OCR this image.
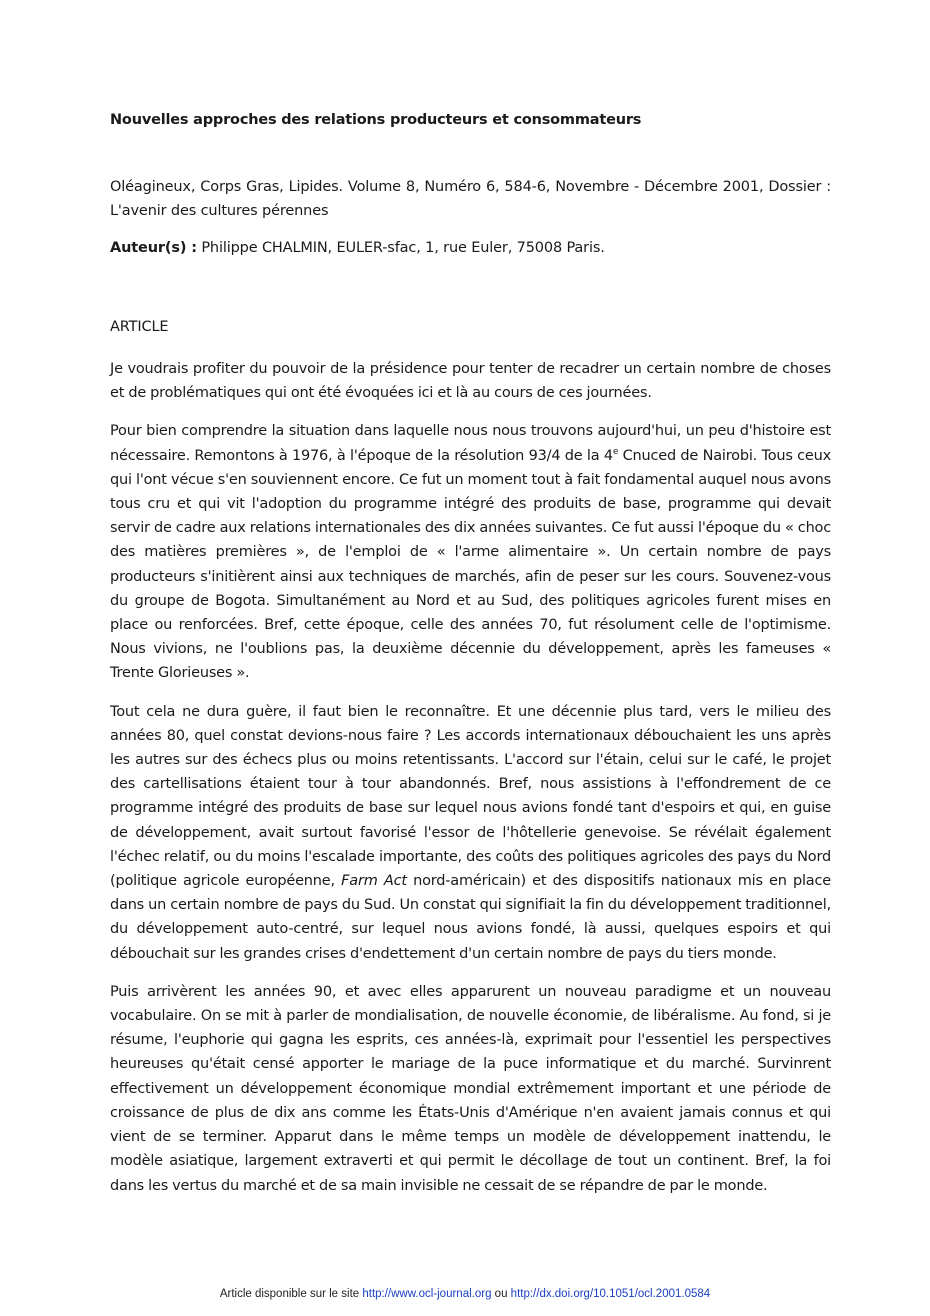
Nouvelles approches des relations producteurs et consommateurs
Oléagineux, Corps Gras, Lipides. Volume 8, Numéro 6, 584-6, Novembre - Décembre 2001, Dossier : L'avenir des cultures pérennes
Auteur(s) : Philippe CHALMIN, EULER-sfac, 1, rue Euler, 75008 Paris.
ARTICLE

Je voudrais profiter du pouvoir de la présidence pour tenter de recadrer un certain nombre de choses et de problématiques qui ont été évoquées ici et là au cours de ces journées.

Pour bien comprendre la situation dans laquelle nous nous trouvons aujourd'hui, un peu d'histoire est nécessaire. Remontons à 1976, à l'époque de la résolution 93/4 de la 4e Cnuced de Nairobi. Tous ceux qui l'ont vécue s'en souviennent encore. Ce fut un moment tout à fait fondamental auquel nous avons tous cru et qui vit l'adoption du programme intégré des produits de base, programme qui devait servir de cadre aux relations internationales des dix années suivantes. Ce fut aussi l'époque du « choc des matières premières », de l'emploi de « l'arme alimentaire ». Un certain nombre de pays producteurs s'initièrent ainsi aux techniques de marchés, afin de peser sur les cours. Souvenez-vous du groupe de Bogota. Simultanément au Nord et au Sud, des politiques agricoles furent mises en place ou renforcées. Bref, cette époque, celle des années 70, fut résolument celle de l'optimisme. Nous vivions, ne l'oublions pas, la deuxième décennie du développement, après les fameuses « Trente Glorieuses ».

Tout cela ne dura guère, il faut bien le reconnaître. Et une décennie plus tard, vers le milieu des années 80, quel constat devions-nous faire ? Les accords internationaux débouchaient les uns après les autres sur des échecs plus ou moins retentissants. L'accord sur l'étain, celui sur le café, le projet des cartellisations étaient tour à tour abandonnés. Bref, nous assistions à l'effondrement de ce programme intégré des produits de base sur lequel nous avions fondé tant d'espoirs et qui, en guise de développement, avait surtout favorisé l'essor de l'hôtellerie genevoise. Se révélait également l'échec relatif, ou du moins l'escalade importante, des coûts des politiques agricoles des pays du Nord (politique agricole européenne, Farm Act nord-américain) et des dispositifs nationaux mis en place dans un certain nombre de pays du Sud. Un constat qui signifiait la fin du développement traditionnel, du développement auto-centré, sur lequel nous avions fondé, là aussi, quelques espoirs et qui débouchait sur les grandes crises d'endettement d'un certain nombre de pays du tiers monde.

Puis arrivèrent les années 90, et avec elles apparurent un nouveau paradigme et un nouveau vocabulaire. On se mit à parler de mondialisation, de nouvelle économie, de libéralisme. Au fond, si je résume, l'euphorie qui gagna les esprits, ces années-là, exprimait pour l'essentiel les perspectives heureuses qu'était censé apporter le mariage de la puce informatique et du marché. Survinrent effectivement un développement économique mondial extrêmement important et une période de croissance de plus de dix ans comme les États-Unis d'Amérique n'en avaient jamais connus et qui vient de se terminer. Apparut dans le même temps un modèle de développement inattendu, le modèle asiatique, largement extraverti et qui permit le décollage de tout un continent. Bref, la foi dans les vertus du marché et de sa main invisible ne cessait de se répandre de par le monde.

Article disponible sur le site http://www.ocl-journal.org ou http://dx.doi.org/10.1051/ocl.2001.0584
